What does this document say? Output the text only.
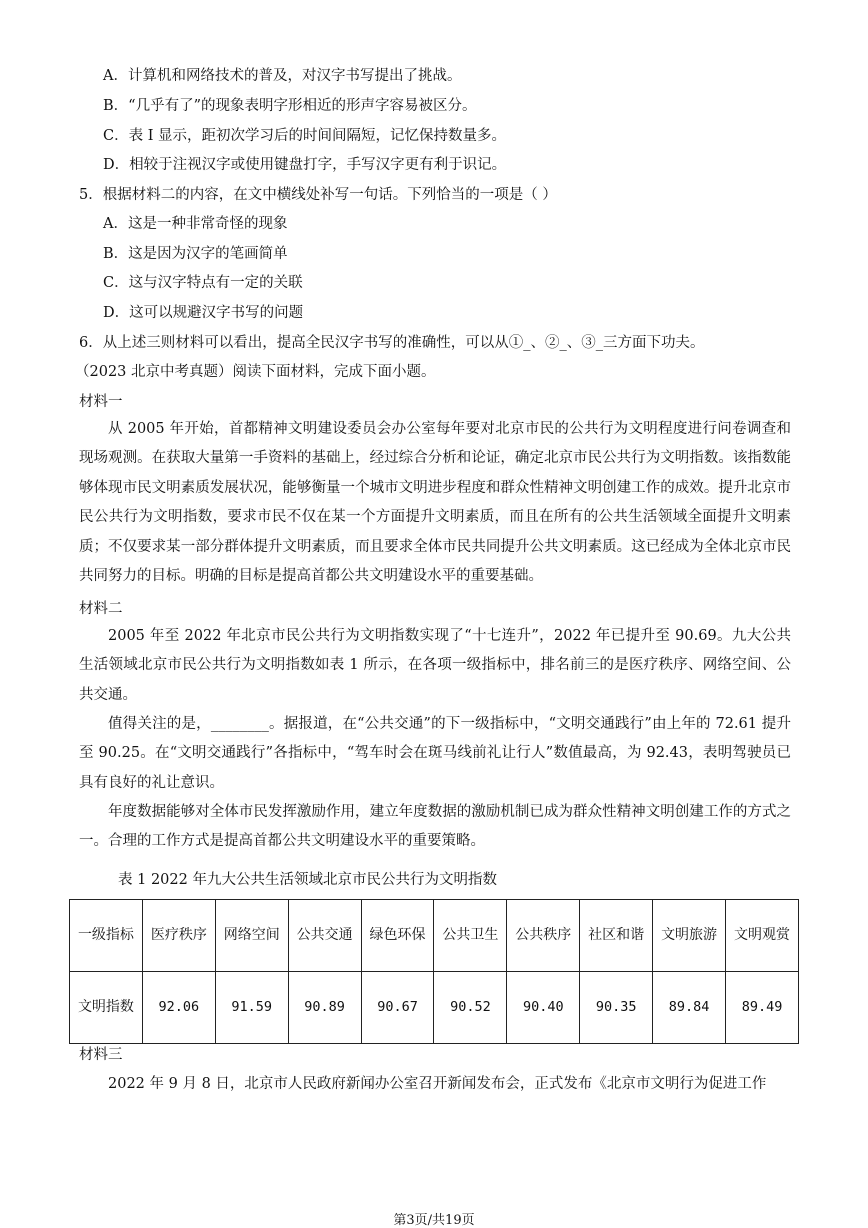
A．计算机和网络技术的普及，对汉字书写提出了挑战。
B．“几乎有了”的现象表明字形相近的形声字容易被区分。
C．表 I 显示，距初次学习后的时间间隔短，记忆保持数量多。
D．相较于注视汉字或使用键盘打字，手写汉字更有利于识记。
5．根据材料二的内容，在文中横线处补写一句话。下列恰当的一项是（ ）
A．这是一种非常奇怪的现象
B．这是因为汉字的笔画简单
C．这与汉字特点有一定的关联
D．这可以规避汉字书写的问题
6．从上述三则材料可以看出，提高全民汉字书写的准确性，可以从①_、②_、③_三方面下功夫。
（2023 北京中考真题）阅读下面材料，完成下面小题。
材料一
从 2005 年开始，首都精神文明建设委员会办公室每年要对北京市民的公共行为文明程度进行问卷调查和现场观测。在获取大量第一手资料的基础上，经过综合分析和论证，确定北京市民公共行为文明指数。该指数能够体现市民文明素质发展状况，能够衡量一个城市文明进步程度和群众性精神文明创建工作的成效。提升北京市民公共行为文明指数，要求市民不仅在某一个方面提升文明素质，而且在所有的公共生活领域全面提升文明素质；不仅要求某一部分群体提升文明素质，而且要求全体市民共同提升公共文明素质。这已经成为全体北京市民共同努力的目标。明确的目标是提高首都公共文明建设水平的重要基础。
材料二
2005 年至 2022 年北京市民公共行为文明指数实现了“十七连升”，2022 年已提升至 90.69。九大公共生活领域北京市民公共行为文明指数如表 1 所示，在各项一级指标中，排名前三的是医疗秩序、网络空间、公共交通。
值得关注的是，________。据报道，在“公共交通”的下一级指标中，“文明交通践行”由上年的 72.61 提升至 90.25。在“文明交通践行”各指标中，“驾车时会在斑马线前礼让行人”数值最高，为 92.43，表明驾驶员已具有良好的礼让意识。
年度数据能够对全体市民发挥激励作用，建立年度数据的激励机制已成为群众性精神文明创建工作的方式之一。合理的工作方式是提高首都公共文明建设水平的重要策略。
表 1 2022 年九大公共生活领域北京市民公共行为文明指数
一级指标	医疗秩序	网络空间	公共交通	绿色环保	公共卫生	公共秩序	社区和谐	文明旅游	文明观赏
文明指数	92.06	91.59	90.89	90.67	90.52	90.40	90.35	89.84	89.49
材料三
2022 年 9 月 8 日，北京市人民政府新闻办公室召开新闻发布会，正式发布《北京市文明行为促进工作
第3页/共19页
